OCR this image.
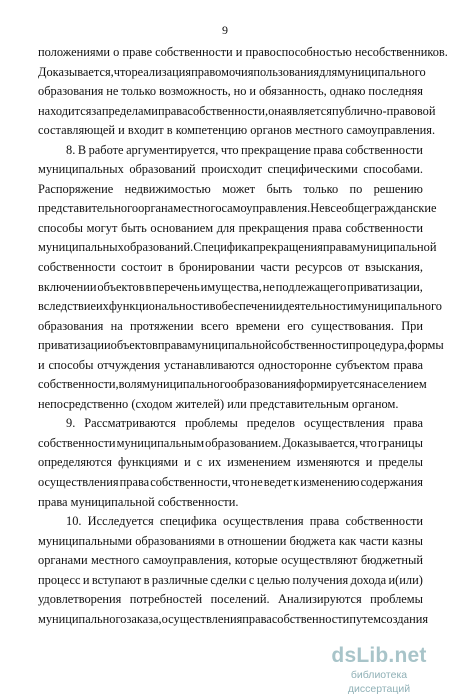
9
положениями о праве собственности и правоспособностью несобственников.
Доказывается, что реализация правомочия пользования для муниципального
образования не только возможность, но и обязанность, однако последняя
находится за пределами права собственности, она является публично-правовой
составляющей и входит в компетенцию органов местного самоуправления.
8. В работе аргументируется, что прекращение права собственности
муниципальных образований происходит специфическими способами.
Распоряжение недвижимостью может быть только по решению
представительного органа местного самоуправления. Не все общегражданские
способы могут быть основанием для прекращения права собственности
муниципальных образований. Специфика прекращения права муниципальной
собственности состоит в бронировании части ресурсов от взыскания,
включении объектов в перечень имущества, не подлежащего приватизации,
вследствие их функциональности в обеспечении деятельности муниципального
образования на протяжении всего времени его существования. При
приватизации объектов права муниципальной собственности процедура, формы
и способы отчуждения устанавливаются односторонне субъектом права
собственности, воля муниципального образования формируется населением
непосредственно (сходом жителей) или представительным органом.
9. Рассматриваются проблемы пределов осуществления права
собственности муниципальным образованием. Доказывается, что границы
определяются функциями и с их изменением изменяются и пределы
осуществления права собственности, что не ведет к изменению содержания
права муниципальной собственности.
10. Исследуется специфика осуществления права собственности
муниципальными образованиями в отношении бюджета как части казны
органами местного самоуправления, которые осуществляют бюджетный
процесс и вступают в различные сделки с целью получения дохода и(или)
удовлетворения потребностей поселений. Анализируются проблемы
муниципального заказа, осуществления права собственности путем создания
dsLib.net
библиотека диссертаций
